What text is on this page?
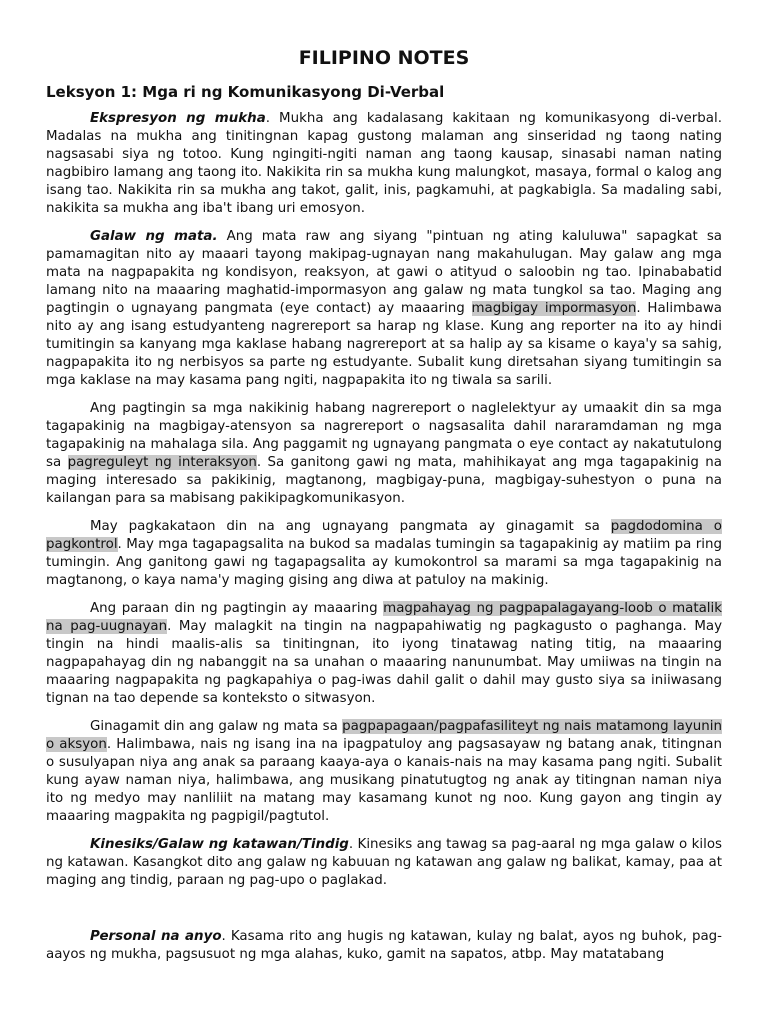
FILIPINO NOTES
Leksyon 1: Mga ri ng Komunikasyong Di-Verbal

Ekspresyon ng mukha. Mukha ang kadalasang kakitaan ng komunikasyong di-verbal. Madalas na mukha ang tinitingnan kapag gustong malaman ang sinseridad ng taong nating nagsasabi siya ng totoo. Kung ngingiti-ngiti naman ang taong kausap, sinasabi naman nating nagbibiro lamang ang taong ito. Nakikita rin sa mukha kung malungkot, masaya, formal o kalog ang isang tao. Nakikita rin sa mukha ang takot, galit, inis, pagkamuhi, at pagkabigla. Sa madaling sabi, nakikita sa mukha ang iba't ibang uri emosyon.

Galaw ng mata. Ang mata raw ang siyang "pintuan ng ating kaluluwa" sapagkat sa pamamagitan nito ay maaari tayong makipag-ugnayan nang makahulugan. May galaw ang mga mata na nagpapakita ng kondisyon, reaksyon, at gawi o atityud o saloobin ng tao. Ipinababatid lamang nito na maaaring maghatid-impormasyon ang galaw ng mata tungkol sa tao. Maging ang pagtingin o ugnayang pangmata (eye contact) ay maaaring magbigay impormasyon. Halimbawa nito ay ang isang estudyanteng nagrereport sa harap ng klase. Kung ang reporter na ito ay hindi tumitingin sa kanyang mga kaklase habang nagrereport at sa halip ay sa kisame o kaya'y sa sahig, nagpapakita ito ng nerbisyos sa parte ng estudyante. Subalit kung diretsahan siyang tumitingin sa mga kaklase na may kasama pang ngiti, nagpapakita ito ng tiwala sa sarili.

Ang pagtingin sa mga nakikinig habang nagrereport o naglelektyur ay umaakit din sa mga tagapakinig na magbigay-atensyon sa nagrereport o nagsasalita dahil nararamdaman ng mga tagapakinig na mahalaga sila. Ang paggamit ng ugnayang pangmata o eye contact ay nakatutulong sa pagreguleyt ng interaksyon. Sa ganitong gawi ng mata, mahihikayat ang mga tagapakinig na maging interesado sa pakikinig, magtanong, magbigay-puna, magbigay-suhestyon o puna na kailangan para sa mabisang pakikipagkomunikasyon.

May pagkakataon din na ang ugnayang pangmata ay ginagamit sa pagdodomina o pagkontrol. May mga tagapagsalita na bukod sa madalas tumingin sa tagapakinig ay matiim pa ring tumingin. Ang ganitong gawi ng tagapagsalita ay kumokontrol sa marami sa mga tagapakinig na magtanong, o kaya nama'y maging gising ang diwa at patuloy na makinig.

Ang paraan din ng pagtingin ay maaaring magpahayag ng pagpapalagayang-loob o matalik na pag-uugnayan. May malagkit na tingin na nagpapahiwatig ng pagkagusto o paghanga. May tingin na hindi maalis-alis sa tinitingnan, ito iyong tinatawag nating titig, na maaaring nagpapahayag din ng nabanggit na sa unahan o maaaring nanunumbat. May umiiwas na tingin na maaaring nagpapakita ng pagkapahiya o pag-iwas dahil galit o dahil may gusto siya sa iniiwasang tignan na tao depende sa konteksto o sitwasyon.

Ginagamit din ang galaw ng mata sa pagpapagaan/pagpafasiliteyt ng nais matamong layunin o aksyon. Halimbawa, nais ng isang ina na ipagpatuloy ang pagsasayaw ng batang anak, titingnan o susulyapan niya ang anak sa paraang kaaya-aya o kanais-nais na may kasama pang ngiti. Subalit kung ayaw naman niya, halimbawa, ang musikang pinatutugtog ng anak ay titingnan naman niya ito ng medyo may nanliliit na matang may kasamang kunot ng noo. Kung gayon ang tingin ay maaaring magpakita ng pagpigil/pagtutol.

Kinesiks/Galaw ng katawan/Tindig. Kinesiks ang tawag sa pag-aaral ng mga galaw o kilos ng katawan. Kasangkot dito ang galaw ng kabuuan ng katawan ang galaw ng balikat, kamay, paa at maging ang tindig, paraan ng pag-upo o paglakad.

Personal na anyo. Kasama rito ang hugis ng katawan, kulay ng balat, ayos ng buhok, pag-aayos ng mukha, pagsusuot ng mga alahas, kuko, gamit na sapatos, atbp. May matatabang
